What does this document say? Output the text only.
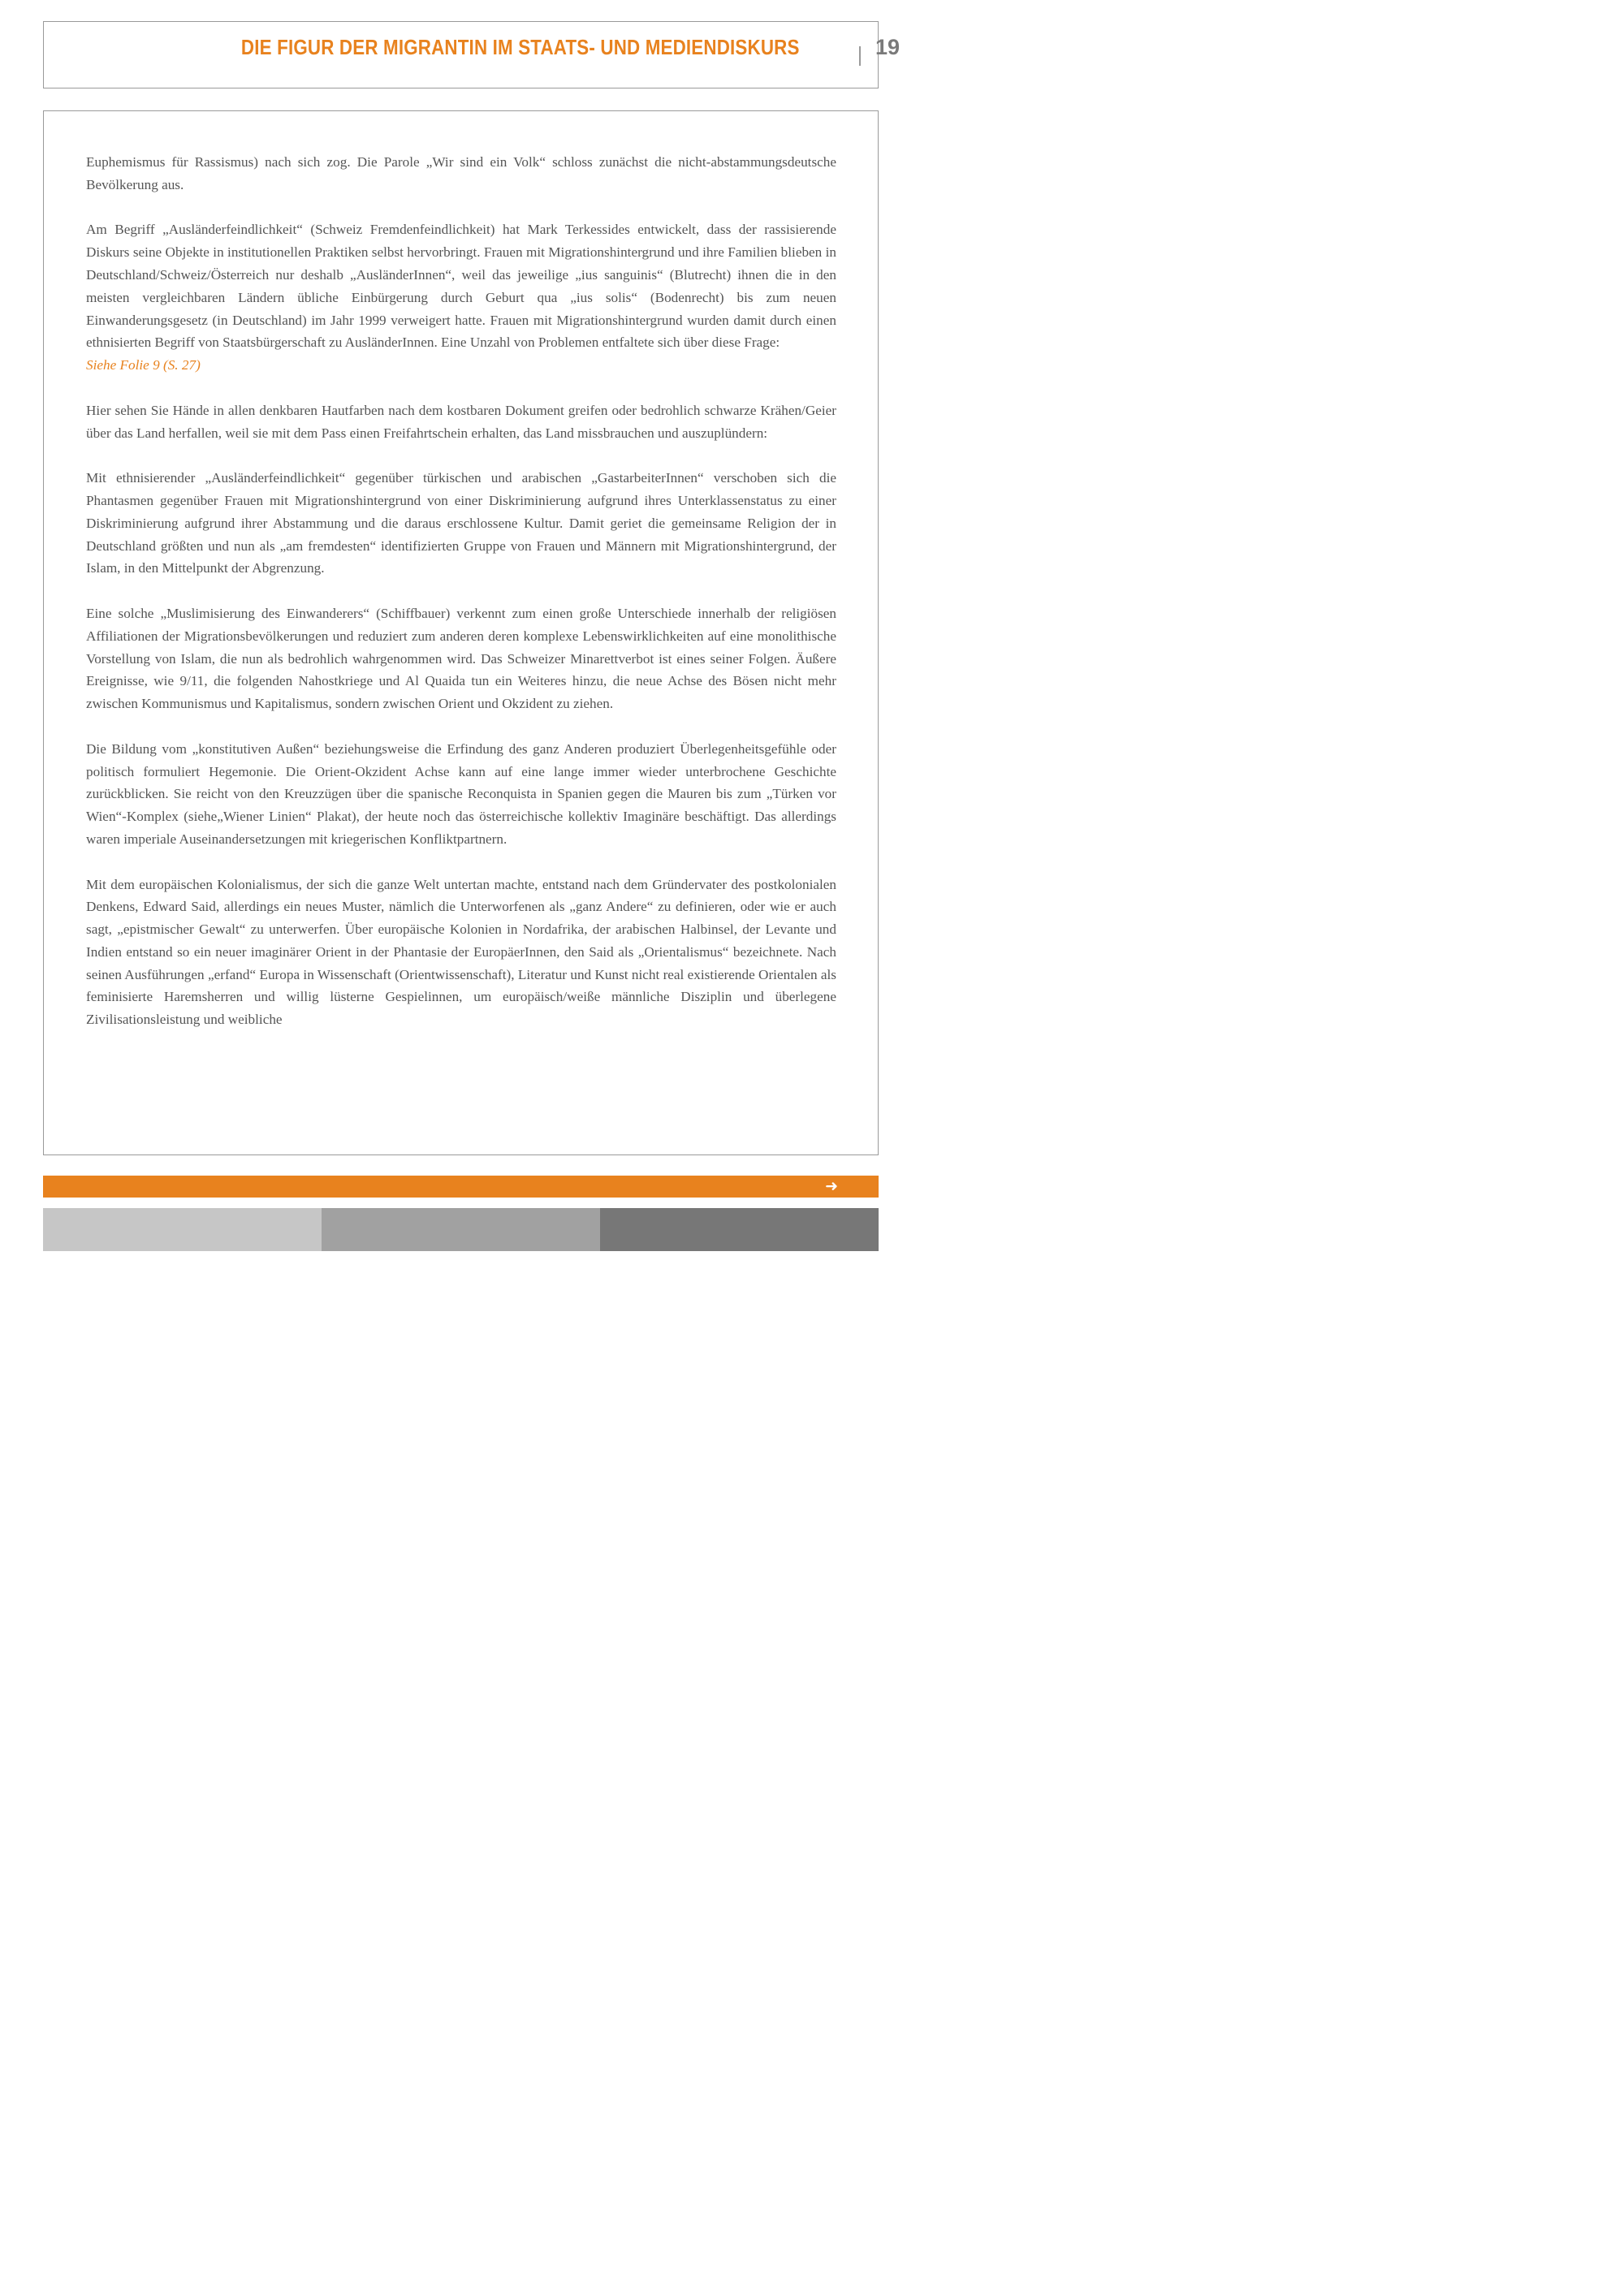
DIE FIGUR DER MIGRANTIN IM STAATS- UND MEDIENDISKURS	19

Euphemismus für Rassismus) nach sich zog. Die Parole „Wir sind ein Volk“ schloss zunächst die nicht-abstammungsdeutsche Bevölkerung aus.

Am Begriff „Ausländerfeindlichkeit“ (Schweiz Fremdenfeindlichkeit) hat Mark Terkessides entwickelt, dass der rassisierende Diskurs seine Objekte in institutionellen Praktiken selbst hervorbringt. Frauen mit Migrationshintergrund und ihre Familien blieben in Deutschland/Schweiz/Österreich nur deshalb „AusländerInnen“, weil das jeweilige „ius sanguinis“ (Blutrecht) ihnen die in den meisten vergleichbaren Ländern übliche Einbürgerung durch Geburt qua „ius solis“ (Bodenrecht) bis zum neuen Einwanderungsgesetz (in Deutschland) im Jahr 1999 verweigert hatte. Frauen mit Migrationshintergrund wurden damit durch einen ethnisierten Begriff von Staatsbürgerschaft zu AusländerInnen. Eine Unzahl von Problemen entfaltete sich über diese Frage:
Siehe Folie 9 (S. 27)

Hier sehen Sie Hände in allen denkbaren Hautfarben nach dem kostbaren Dokument greifen oder bedrohlich schwarze Krähen/Geier über das Land herfallen, weil sie mit dem Pass einen Freifahrtschein erhalten, das Land missbrauchen und auszuplündern:

Mit ethnisierender „Ausländerfeindlichkeit“ gegenüber türkischen und arabischen „GastarbeiterInnen“ verschoben sich die Phantasmen gegenüber Frauen mit Migrationshintergrund von einer Diskriminierung aufgrund ihres Unterklassenstatus zu einer Diskriminierung aufgrund ihrer Abstammung und die daraus erschlossene Kultur. Damit geriet die gemeinsame Religion der in Deutschland größten und nun als „am fremdesten“ identifizierten Gruppe von Frauen und Männern mit Migrationshintergrund, der Islam, in den Mittelpunkt der Abgrenzung.

Eine solche „Muslimisierung des Einwanderers“ (Schiffbauer) verkennt zum einen große Unterschiede innerhalb der religiösen Affiliationen der Migrationsbevölkerungen und reduziert zum anderen deren komplexe Lebenswirklichkeiten auf eine monolithische Vorstellung von Islam, die nun als bedrohlich wahrgenommen wird. Das Schweizer Minarettverbot ist eines seiner Folgen. Äußere Ereignisse, wie 9/11, die folgenden Nahostkriege und Al Quaida tun ein Weiteres hinzu, die neue Achse des Bösen nicht mehr zwischen Kommunismus und Kapitalismus, sondern zwischen Orient und Okzident zu ziehen.

Die Bildung vom „konstitutiven Außen“ beziehungsweise die Erfindung des ganz Anderen produziert Überlegenheitsgefühle oder politisch formuliert Hegemonie. Die Orient-Okzident Achse kann auf eine lange immer wieder unterbrochene Geschichte zurückblicken. Sie reicht von den Kreuzzügen über die spanische Reconquista in Spanien gegen die Mauren bis zum „Türken vor Wien“-Komplex (siehe„Wiener Linien“ Plakat), der heute noch das österreichische kollektiv Imaginäre beschäftigt. Das allerdings waren imperiale Auseinandersetzungen mit kriegerischen Konfliktpartnern.

Mit dem europäischen Kolonialismus, der sich die ganze Welt untertan machte, entstand nach dem Gründervater des postkolonialen Denkens, Edward Said, allerdings ein neues Muster, nämlich die Unterworfenen als „ganz Andere“ zu definieren, oder wie er auch sagt, „epistmischer Gewalt“ zu unterwerfen. Über europäische Kolonien in Nordafrika, der arabischen Halbinsel, der Levante und Indien entstand so ein neuer imaginärer Orient in der Phantasie der EuropäerInnen, den Said als „Orientalismus“ bezeichnete. Nach seinen Ausführungen „erfand“ Europa in Wissenschaft (Orientwissenschaft), Literatur und Kunst nicht real existierende Orientalen als feminisierte Haremsherren und willig lüsterne Gespielinnen, um europäisch/weiße männliche Disziplin und überlegene Zivilisationsleistung und weibliche

➜
